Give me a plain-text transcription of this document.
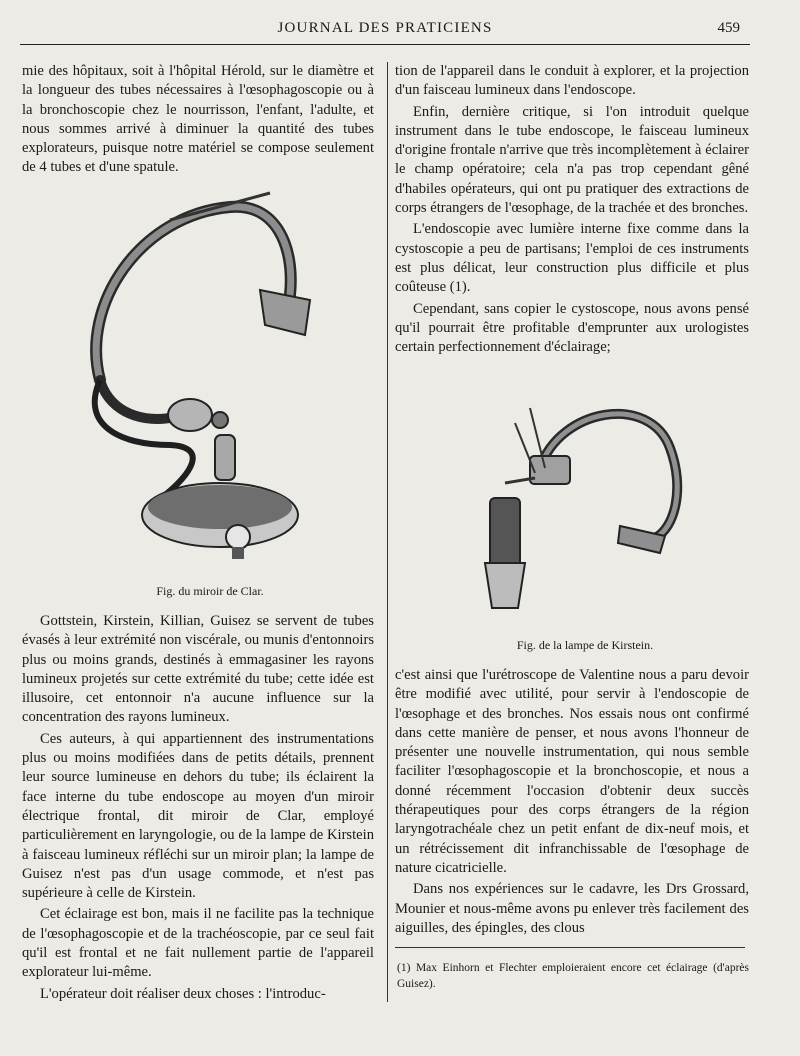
JOURNAL DES PRATICIENS	459

mie des hôpitaux, soit à l'hôpital Hérold, sur le diamètre et la longueur des tubes nécessaires à l'œsophagoscopie ou à la bronchoscopie chez le nourrisson, l'enfant, l'adulte, et nous sommes arrivé à diminuer la quantité des tubes explorateurs, puisque notre matériel se compose seulement de 4 tubes et d'une spatule.

Fig. du miroir de Clar.

Gottstein, Kirstein, Killian, Guisez se servent de tubes évasés à leur extrémité non viscérale, ou munis d'entonnoirs plus ou moins grands, destinés à emmagasiner les rayons lumineux projetés sur cette extrémité du tube; cette idée est illusoire, cet entonnoir n'a aucune influence sur la concentration des rayons lumineux.

Ces auteurs, à qui appartiennent des instrumentations plus ou moins modifiées dans de petits détails, prennent leur source lumineuse en dehors du tube; ils éclairent la face interne du tube endoscope au moyen d'un miroir électrique frontal, dit miroir de Clar, employé particulièrement en laryngologie, ou de la lampe de Kirstein à faisceau lumineux réfléchi sur un miroir plan; la lampe de Guisez n'est pas d'un usage commode, et n'est pas supérieure à celle de Kirstein.

Cet éclairage est bon, mais il ne facilite pas la technique de l'œsophagoscopie et de la trachéoscopie, par ce seul fait qu'il est frontal et ne fait nullement partie de l'appareil explorateur lui-même.

L'opérateur doit réaliser deux choses : l'introduc-

tion de l'appareil dans le conduit à explorer, et la projection d'un faisceau lumineux dans l'endoscope.

Enfin, dernière critique, si l'on introduit quelque instrument dans le tube endoscope, le faisceau lumineux d'origine frontale n'arrive que très incomplètement à éclairer le champ opératoire; cela n'a pas trop cependant gêné d'habiles opérateurs, qui ont pu pratiquer des extractions de corps étrangers de l'œsophage, de la trachée et des bronches.

L'endoscopie avec lumière interne fixe comme dans la cystoscopie a peu de partisans; l'emploi de ces instruments est plus délicat, leur construction plus difficile et plus coûteuse (1).

Cependant, sans copier le cystoscope, nous avons pensé qu'il pourrait être profitable d'emprunter aux urologistes certain perfectionnement d'éclairage;

Fig. de la lampe de Kirstein.

c'est ainsi que l'urétroscope de Valentine nous a paru devoir être modifié avec utilité, pour servir à l'endoscopie de l'œsophage et des bronches. Nos essais nous ont confirmé dans cette manière de penser, et nous avons l'honneur de présenter une nouvelle instrumentation, qui nous semble faciliter l'œsophagoscopie et la bronchoscopie, et nous a donné récemment l'occasion d'obtenir deux succès thérapeutiques pour des corps étrangers de la région laryngotrachéale chez un petit enfant de dix-neuf mois, et un rétrécissement dit infranchissable de l'œsophage de nature cicatricielle.

Dans nos expériences sur le cadavre, les Drs Grossard, Mounier et nous-même avons pu enlever très facilement des aiguilles, des épingles, des clous

(1) Max Einhorn et Flechter emploieraient encore cet éclairage (d'après Guisez).
